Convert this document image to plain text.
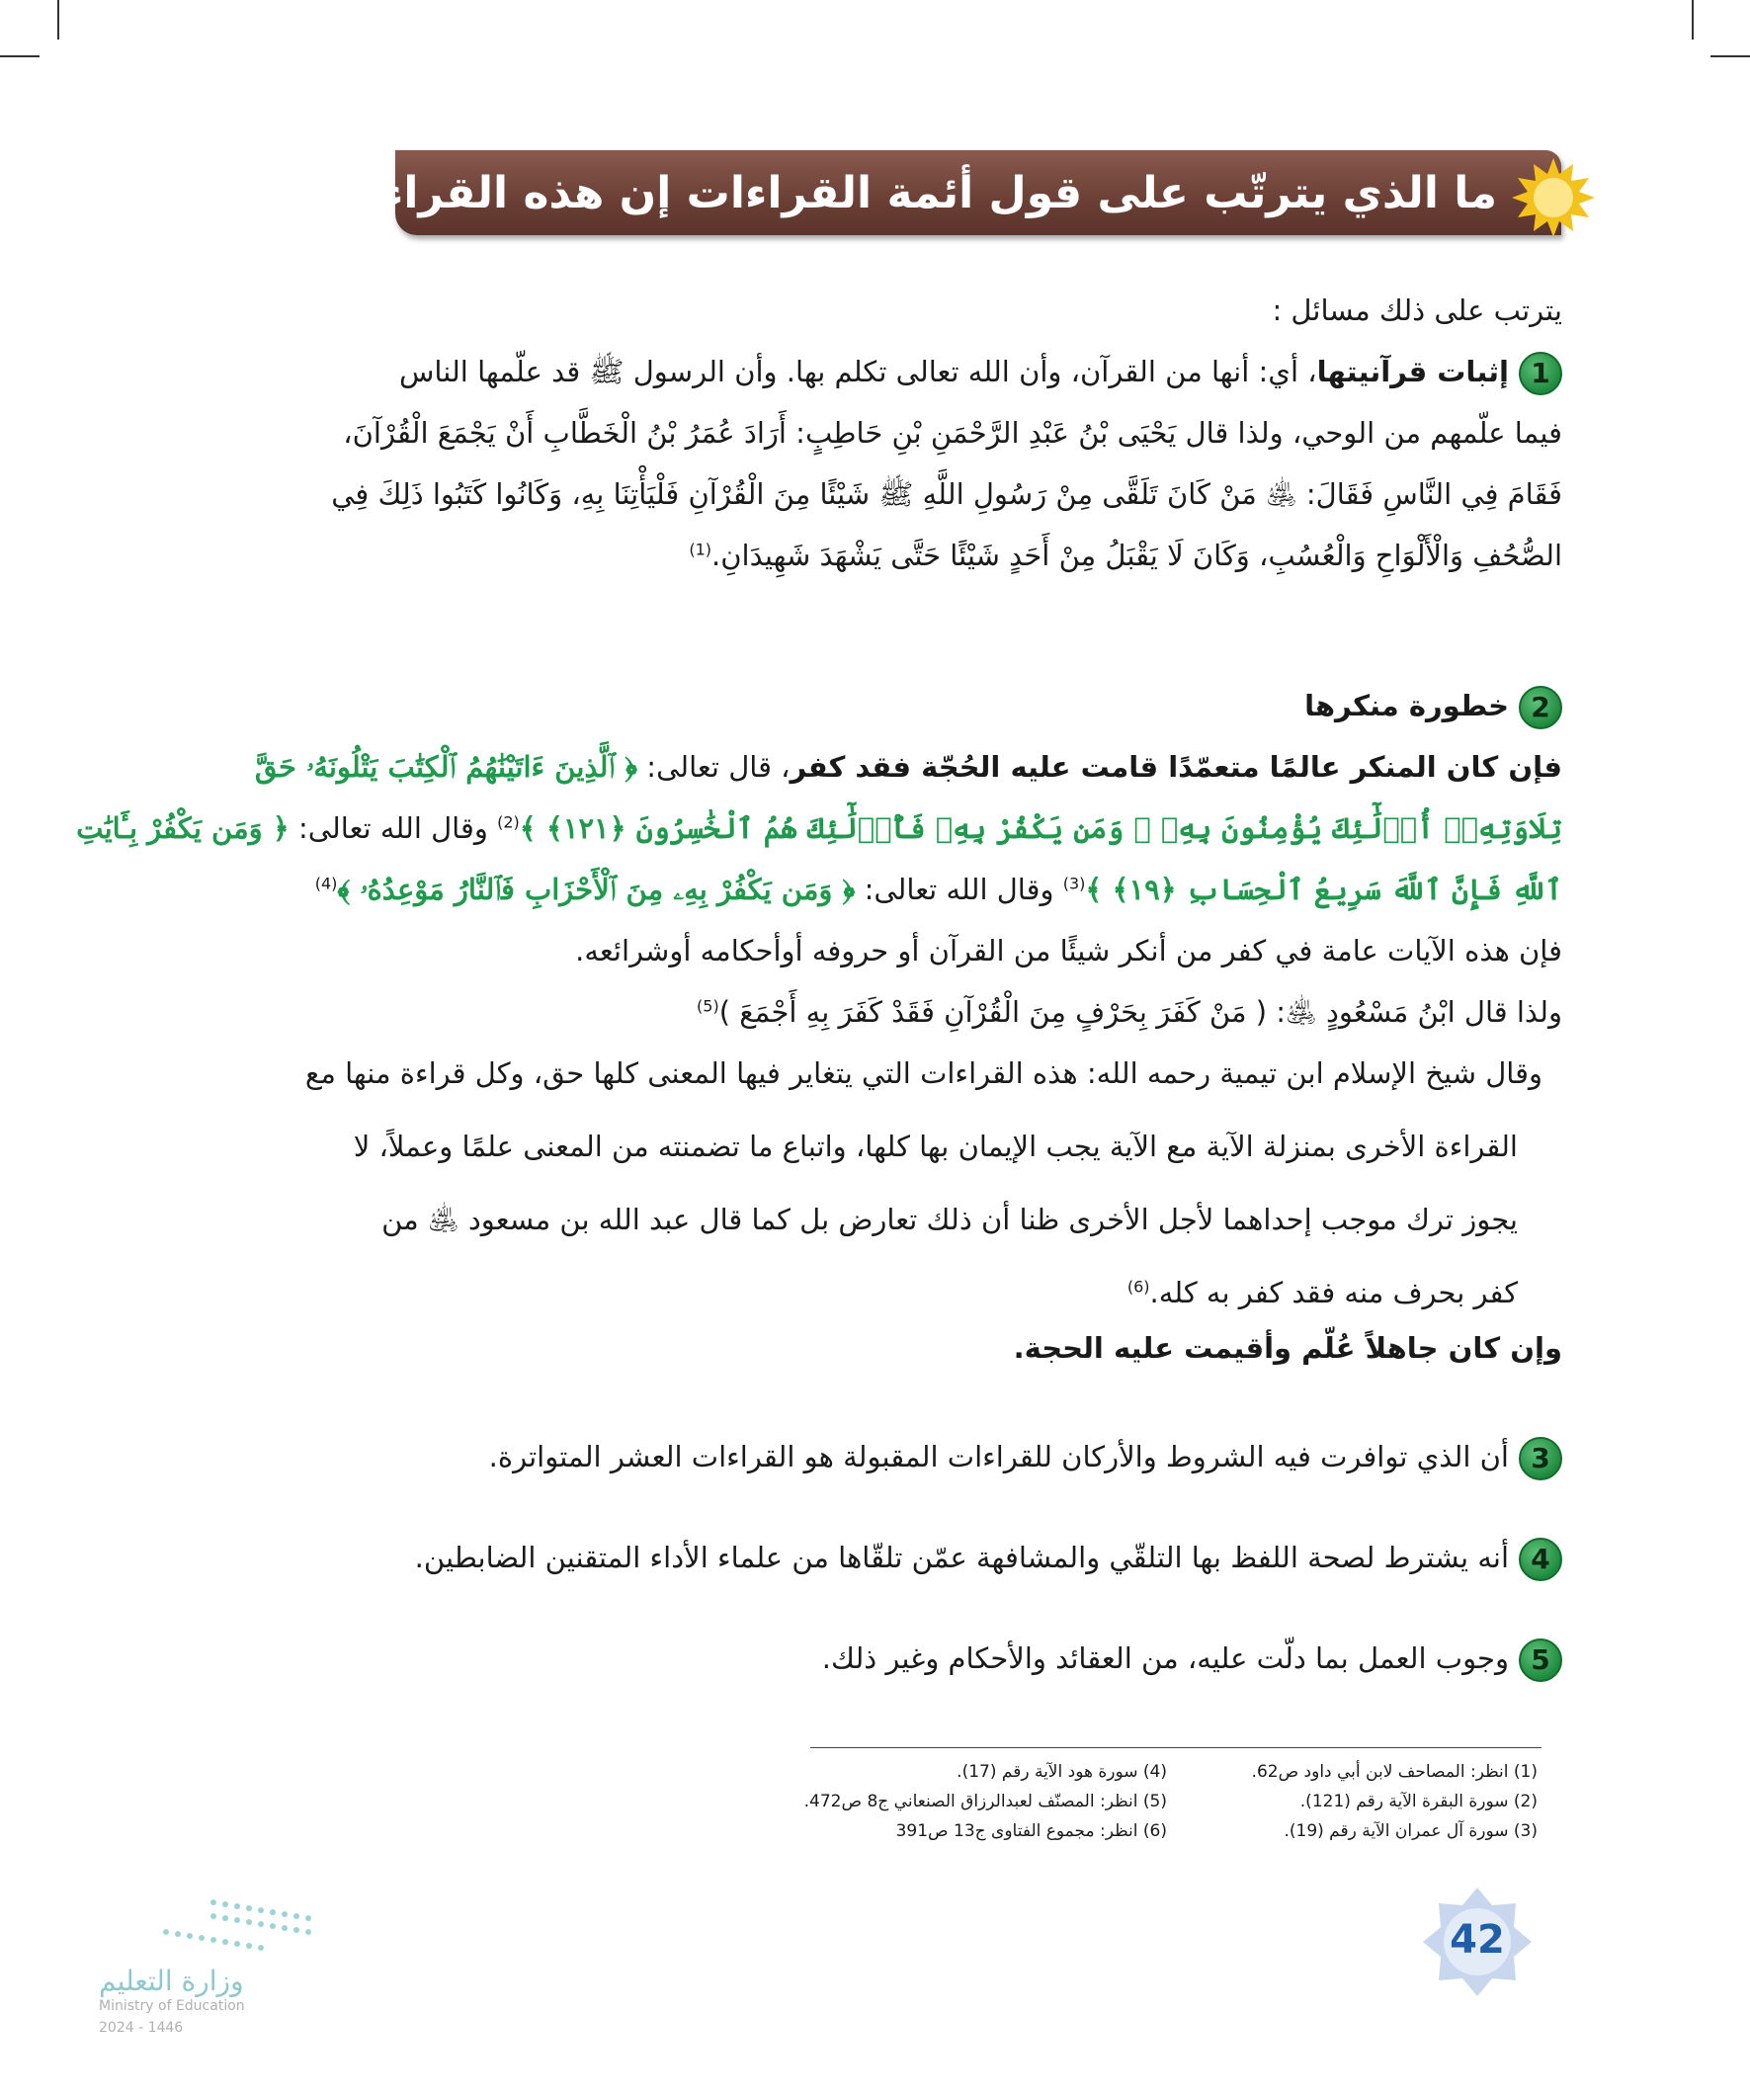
ما الذي يترتّب على قول أئمة القراءات إن هذه القراءة مقبولة؟
يترتب على ذلك مسائل :
1إثبات قرآنيتها، أي: أنها من القرآن، وأن الله تعالى تكلم بها. وأن الرسول ﷺ قد علّمها الناس
فيما علّمهم من الوحي، ولذا قال يَحْيَى بْنُ عَبْدِ الرَّحْمَنِ بْنِ حَاطِبٍ: أَرَادَ عُمَرُ بْنُ الْخَطَّابِ أَنْ يَجْمَعَ الْقُرْآنَ،
فَقَامَ فِي النَّاسِ فَقَالَ: ﵁ مَنْ كَانَ تَلَقَّى مِنْ رَسُولِ اللَّهِ ﷺ شَيْئًا مِنَ الْقُرْآنِ فَلْيَأْتِنَا بِهِ، وَكَانُوا كَتَبُوا ذَلِكَ فِي
الصُّحُفِ وَالْأَلْوَاحِ وَالْعُسُبِ، وَكَانَ لَا يَقْبَلُ مِنْ أَحَدٍ شَيْئًا حَتَّى يَشْهَدَ شَهِيدَانِ.$^{(1)}$
2خطورة منكرها
فإن كان المنكر عالمًا متعمّدًا قامت عليه الحُجّة فقد كفر، قال تعالى: ﴿ ٱلَّذِينَ ءَاتَيْنَٰهُمُ ٱلْكِتَٰبَ يَتْلُونَهُۥ حَقَّ
تِلَاوَتِهِۦٓ أُو۟لَٰٓئِكَ يُؤْمِنُونَ بِهِۦ ۗ وَمَن يَكْفُرْ بِهِۦ فَأُو۟لَٰٓئِكَ هُمُ ٱلْخَٰسِرُونَ ﴿١٢١﴾ ﴾$^{(2)}$ وقال الله تعالى: ﴿ وَمَن يَكْفُرْ بِـَٔايَٰتِ
ٱللَّهِ فَإِنَّ ٱللَّهَ سَرِيعُ ٱلْحِسَابِ ﴿١٩﴾ ﴾$^{(3)}$ وقال الله تعالى: ﴿ وَمَن يَكْفُرْ بِهِۦ مِنَ ٱلْأَحْزَابِ فَٱلنَّارُ مَوْعِدُهُۥ ﴾$^{(4)}$
فإن هذه الآيات عامة في كفر من أنكر شيئًا من القرآن أو حروفه أوأحكامه أوشرائعه.
ولذا قال ابْنُ مَسْعُودٍ ﵁: ( مَنْ كَفَرَ بِحَرْفٍ مِنَ الْقُرْآنِ فَقَدْ كَفَرَ بِهِ أَجْمَعَ )$^{(5)}$
وقال شيخ الإسلام ابن تيمية رحمه الله: هذه القراءات التي يتغاير فيها المعنى كلها حق، وكل قراءة منها مع
القراءة الأخرى بمنزلة الآية مع الآية يجب الإيمان بها كلها، واتباع ما تضمنته من المعنى علمًا وعملاً، لا
يجوز ترك موجب إحداهما لأجل الأخرى ظنا أن ذلك تعارض بل كما قال عبد الله بن مسعود ﵁ من
كفر بحرف منه فقد كفر به كله.$^{(6)}$
وإن كان جاهلاً عُلّم وأقيمت عليه الحجة.
3أن الذي توافرت فيه الشروط والأركان للقراءات المقبولة هو القراءات العشر المتواترة.
4أنه يشترط لصحة اللفظ بها التلقّي والمشافهة عمّن تلقّاها من علماء الأداء المتقنين الضابطين.
5وجوب العمل بما دلّت عليه، من العقائد والأحكام وغير ذلك.
(1) انظر: المصاحف لابن أبي داود ص62.
(2) سورة البقرة الآية رقم (121).
(3) سورة آل عمران الآية رقم (19).
(4) سورة هود الآية رقم (17).
(5) انظر: المصنّف لعبدالرزاق الصنعاني ج8 ص472.
(6) انظر: مجموع الفتاوى ج13 ص391
42
وزارة التعليم
Ministry of Education
2024 - 1446
